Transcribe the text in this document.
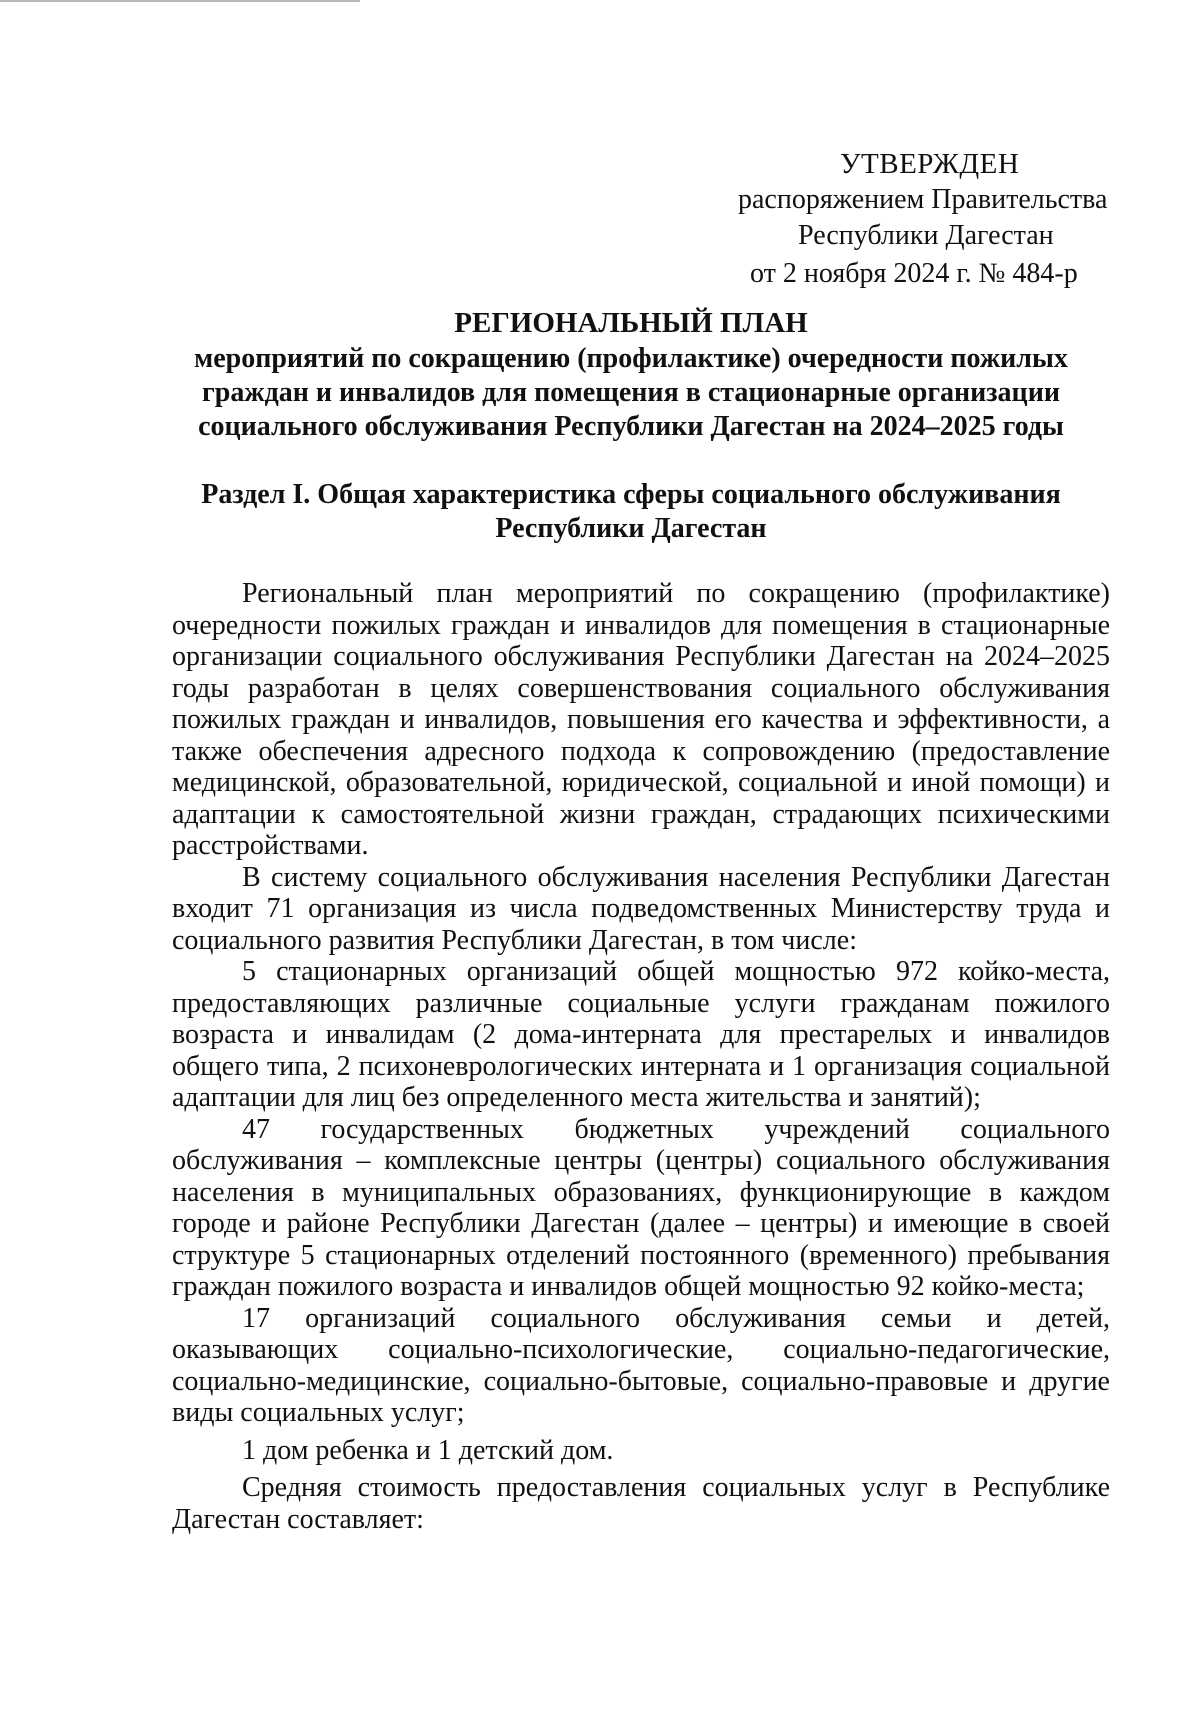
УТВЕРЖДЕН
распоряжением Правительства
Республики Дагестан
от 2 ноября 2024 г. № 484-р
РЕГИОНАЛЬНЫЙ ПЛАН
мероприятий по сокращению (профилактике) очередности пожилых граждан и инвалидов для помещения в стационарные организации социального обслуживания Республики Дагестан на 2024–2025 годы
Раздел I. Общая характеристика сферы социального обслуживания Республики Дагестан

Региональный план мероприятий по сокращению (профилактике) очередности пожилых граждан и инвалидов для помещения в стационарные организации социального обслуживания Республики Дагестан на 2024–2025 годы разработан в целях совершенствования социального обслуживания пожилых граждан и инвалидов, повышения его качества и эффективности, а также обеспечения адресного подхода к сопровождению (предоставление медицинской, образовательной, юридической, социальной и иной помощи) и адаптации к самостоятельной жизни граждан, страдающих психическими расстройствами.

В систему социального обслуживания населения Республики Дагестан входит 71 организация из числа подведомственных Министерству труда и социального развития Республики Дагестан, в том числе:

5 стационарных организаций общей мощностью 972 койко-места, предоставляющих различные социальные услуги гражданам пожилого возраста и инвалидам (2 дома-интерната для престарелых и инвалидов общего типа, 2 психоневрологических интерната и 1 организация социальной адаптации для лиц без определенного места жительства и занятий);

47 государственных бюджетных учреждений социального обслуживания – комплексные центры (центры) социального обслуживания населения в муниципальных образованиях, функционирующие в каждом городе и районе Республики Дагестан (далее – центры) и имеющие в своей структуре 5 стационарных отделений постоянного (временного) пребывания граждан пожилого возраста и инвалидов общей мощностью 92 койко-места;

17 организаций социального обслуживания семьи и детей, оказывающих социально-психологические, социально-педагогические, социально-медицинские, социально-бытовые, социально-правовые и другие виды социальных услуг;

1 дом ребенка и 1 детский дом.

Средняя стоимость предоставления социальных услуг в Республике Дагестан составляет:
